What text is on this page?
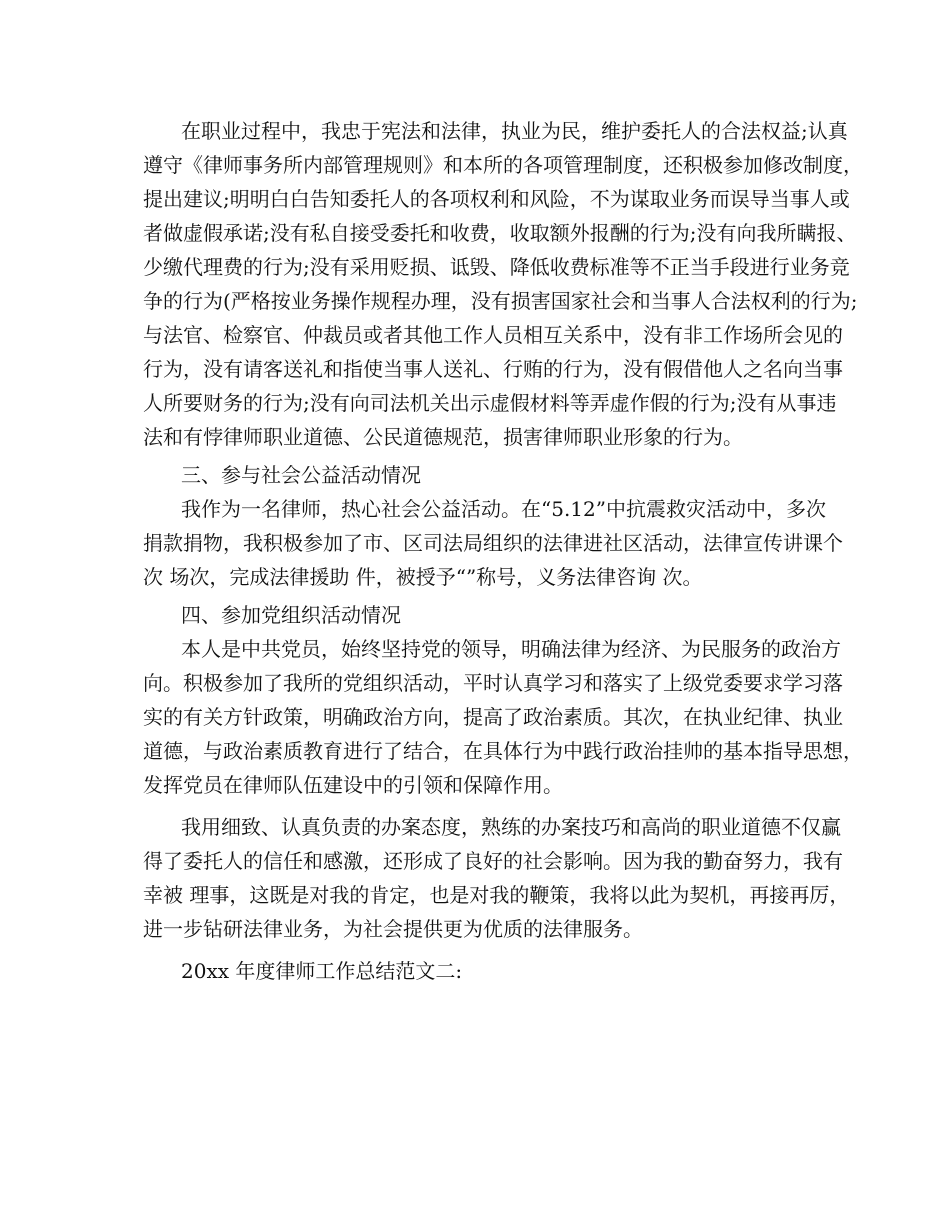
在职业过程中，我忠于宪法和法律，执业为民，维护委托人的合法权益;认真
遵守《律师事务所内部管理规则》和本所的各项管理制度，还积极参加修改制度，
提出建议;明明白白告知委托人的各项权利和风险，不为谋取业务而误导当事人或
者做虚假承诺;没有私自接受委托和收费，收取额外报酬的行为;没有向我所瞒报、
少缴代理费的行为;没有采用贬损、诋毁、降低收费标准等不正当手段进行业务竞
争的行为(严格按业务操作规程办理，没有损害国家社会和当事人合法权利的行为;
与法官、检察官、仲裁员或者其他工作人员相互关系中，没有非工作场所会见的
行为，没有请客送礼和指使当事人送礼、行贿的行为，没有假借他人之名向当事
人所要财务的行为;没有向司法机关出示虚假材料等弄虚作假的行为;没有从事违
法和有悖律师职业道德、公民道德规范，损害律师职业形象的行为。
三、参与社会公益活动情况
我作为一名律师，热心社会公益活动。在“5.12”中抗震救灾活动中，多次
捐款捐物，我积极参加了市、区司法局组织的法律进社区活动，法律宣传讲课个
次 场次，完成法律援助 件，被授予“”称号，义务法律咨询 次。
四、参加党组织活动情况
本人是中共党员，始终坚持党的领导，明确法律为经济、为民服务的政治方
向。积极参加了我所的党组织活动，平时认真学习和落实了上级党委要求学习落
实的有关方针政策，明确政治方向，提高了政治素质。其次，在执业纪律、执业
道德，与政治素质教育进行了结合，在具体行为中践行政治挂帅的基本指导思想，
发挥党员在律师队伍建设中的引领和保障作用。
我用细致、认真负责的办案态度，熟练的办案技巧和高尚的职业道德不仅赢
得了委托人的信任和感激，还形成了良好的社会影响。因为我的勤奋努力，我有
幸被 理事，这既是对我的肯定，也是对我的鞭策，我将以此为契机，再接再厉，
进一步钻研法律业务，为社会提供更为优质的法律服务。
20xx 年度律师工作总结范文二:
